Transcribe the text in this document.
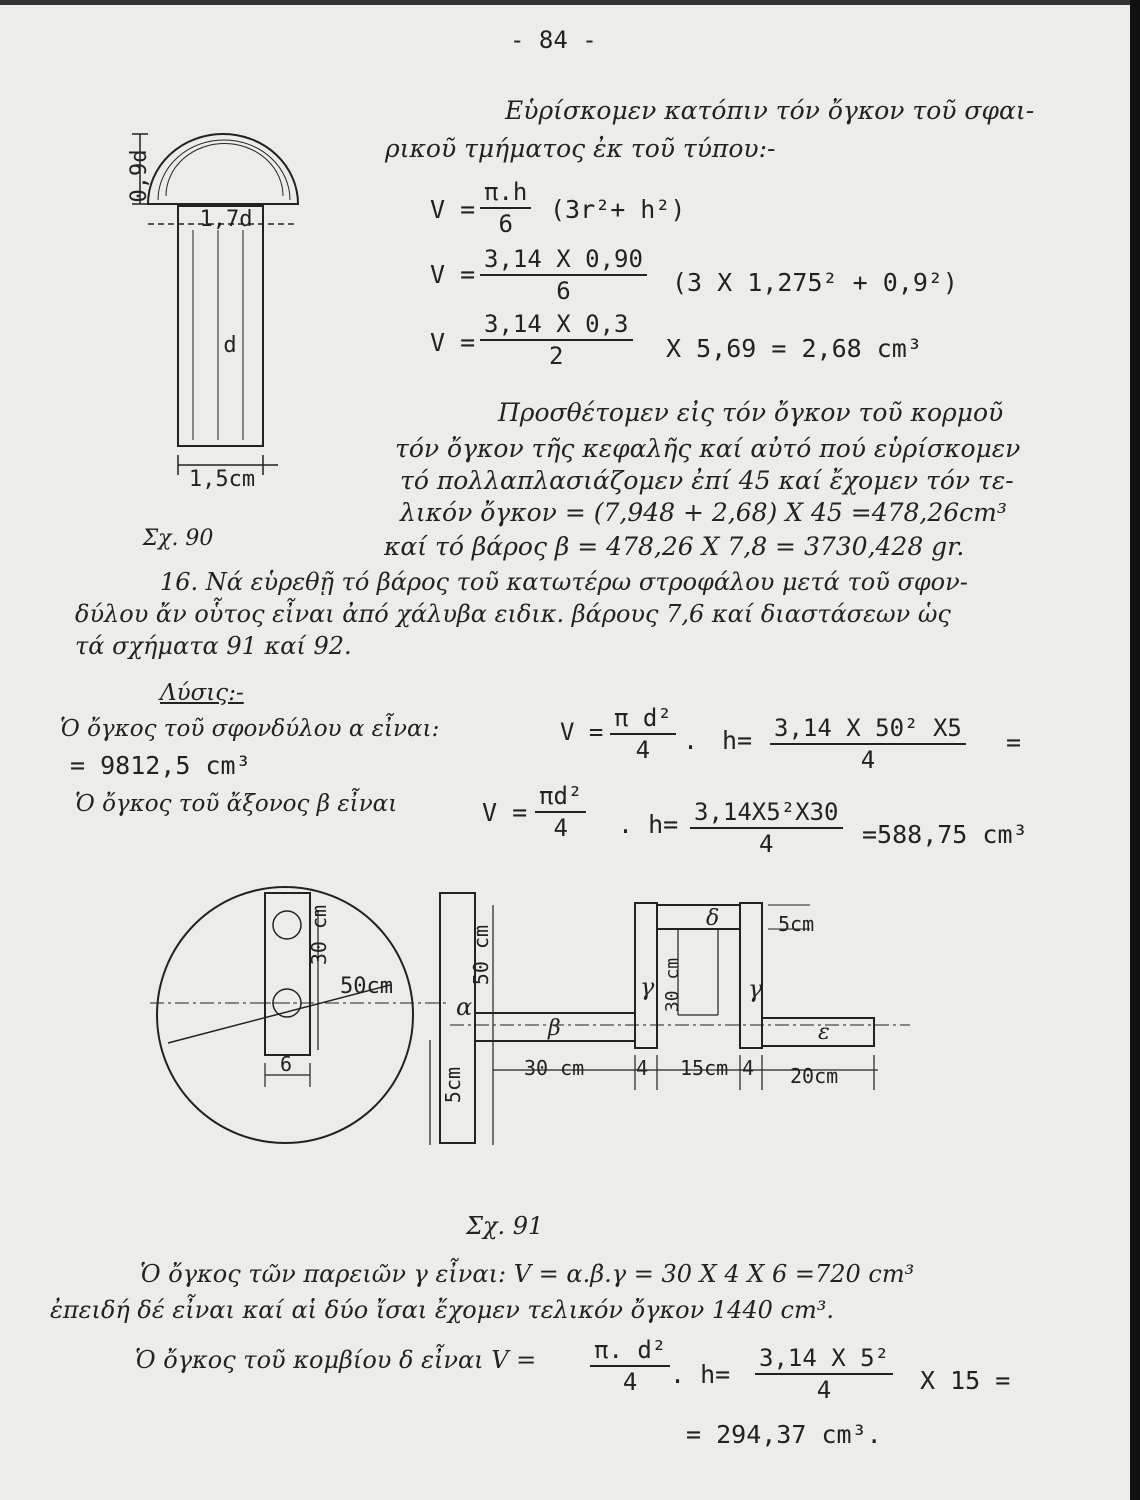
- 84 -
0,9d
1,7d
d
1,5cm
Σχ. 90
Εὑρίσκομεν κατόπιν τόν ὄγκον τοῦ σφαι-
ρικοῦ τμήματος ἐκ τοῦ τύπου:-
$V = \frac{\pi.h}{6} (3r^2+ h^2)$
$V = \frac{3,14 X 0,90}{6} (3$ X 1,275² + 0,9²)
$V = \frac{3,14 X 0,3}{2}$ X 5,69 = 2,68 cm³
Προσθέτομεν εἰς τόν ὄγκον τοῦ κορμοῦ
τόν ὄγκον τῆς κεφαλῆς καί αὐτό πού εὑρίσκομεν
τό πολλαπλασιάζομεν ἐπί 45 καί ἔχομεν τόν τε-
λικόν ὄγκον = (7,948 + 2,68) X 45 =478,26cm³
καί τό βάρος β = 478,26 X 7,8 = 3730,428 gr.
16. Νά εὑρεθῇ τό βάρος τοῦ κατωτέρω στροφάλου μετά τοῦ σφον-
δύλου ἄν οὗτος εἶναι ἀπό χάλυβα ειδικ. βάρους 7,6 καί διαστάσεων ὡς
τά σχήματα 91 καί 92.
Λύσις:-
Ὁ ὄγκος τοῦ σφονδύλου α εἶναι:	$V = \frac{\text{π d²}}{4}$ . $h= \frac{\text{3,14 X 50² X5}}{4}$ =
= 9812,5 cm³
Ὁ ὄγκος τοῦ ἄξονος β εἶναι	$V = \frac{\text{πd²}}{4}$ . $h= \frac{\text{3,14X5²X30}}{4} =588,75$ cm³
30 cm
50cm
6
α
50 cm
5cm
β
30 cm	4 15cm 4 20cm
γ 30 cm
δ	5cm
γ
ε
Σχ. 91
Ὁ ὄγκος τῶν παρειῶν γ εἶναι: V = α.β.γ = 30 X 4 X 6 =720 cm³
ἐπειδή δέ εἶναι καί αἱ δύο ἴσαι ἔχομεν τελικόν ὄγκον 1440 cm³.
Ὁ ὄγκος τοῦ κομβίου δ εἶναι $V = \frac{\text{π. d²}}{4}$ . $h= \frac{\text{3,14 X 5²}}{4}$ X 15 =
= 294,37 cm³.
